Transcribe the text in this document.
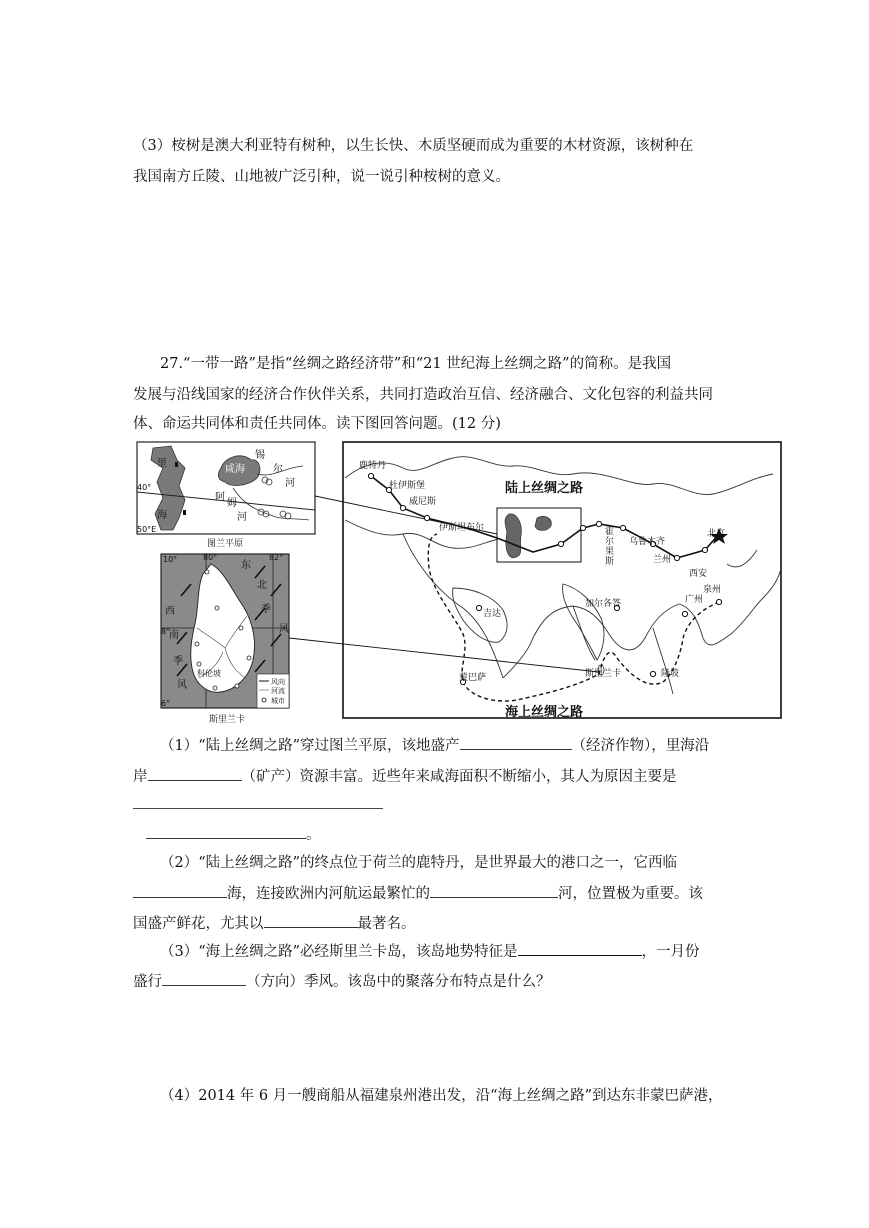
（3）桉树是澳大利亚特有树种，以生长快、木质坚硬而成为重要的木材资源，该树种在

我国南方丘陵、山地被广泛引种，说一说引种桉树的意义。

27.“一带一路”是指“丝绸之路经济带”和“21 世纪海上丝绸之路”的简称。是我国

发展与沿线国家的经济合作伙伴关系，共同打造政治互信、经济融合、文化包容的利益共同

体、命运共同体和责任共同体。读下图回答问题。(12 分)

里
海
咸海
锡
尔
河
阿
姆
河
40°
50°E
图兰平原
东
北
季
风
西
南
季
风
80°	82°
10°
8°
6°
科伦坡
风向
河流
城市
斯里兰卡
鹿特丹
杜伊斯堡
威尼斯
伊斯坦布尔	霍
尔
果
斯
乌鲁木齐
兰州
西安
北京
泉州
广州
吉达
加尔各答
斯里兰卡	隆坡
蒙巴萨
陆上丝绸之路
海上丝绸之路

（1）“陆上丝绸之路”穿过图兰平原，该地盛产	（经济作物），里海沿

岸	（矿产）资源丰富。近些年来咸海面积不断缩小，其人为原因主要是

。

（2）“陆上丝绸之路”的终点位于荷兰的鹿特丹，是世界最大的港口之一，它西临

海，连接欧洲内河航运最繁忙的	河，位置极为重要。该

国盛产鲜花，尤其以	最著名。

（3）“海上丝绸之路”必经斯里兰卡岛，该岛地势特征是	，一月份

盛行	（方向）季风。该岛中的聚落分布特点是什么？

（4）2014 年 6 月一艘商船从福建泉州港出发，沿“海上丝绸之路”到达东非蒙巴萨港，
